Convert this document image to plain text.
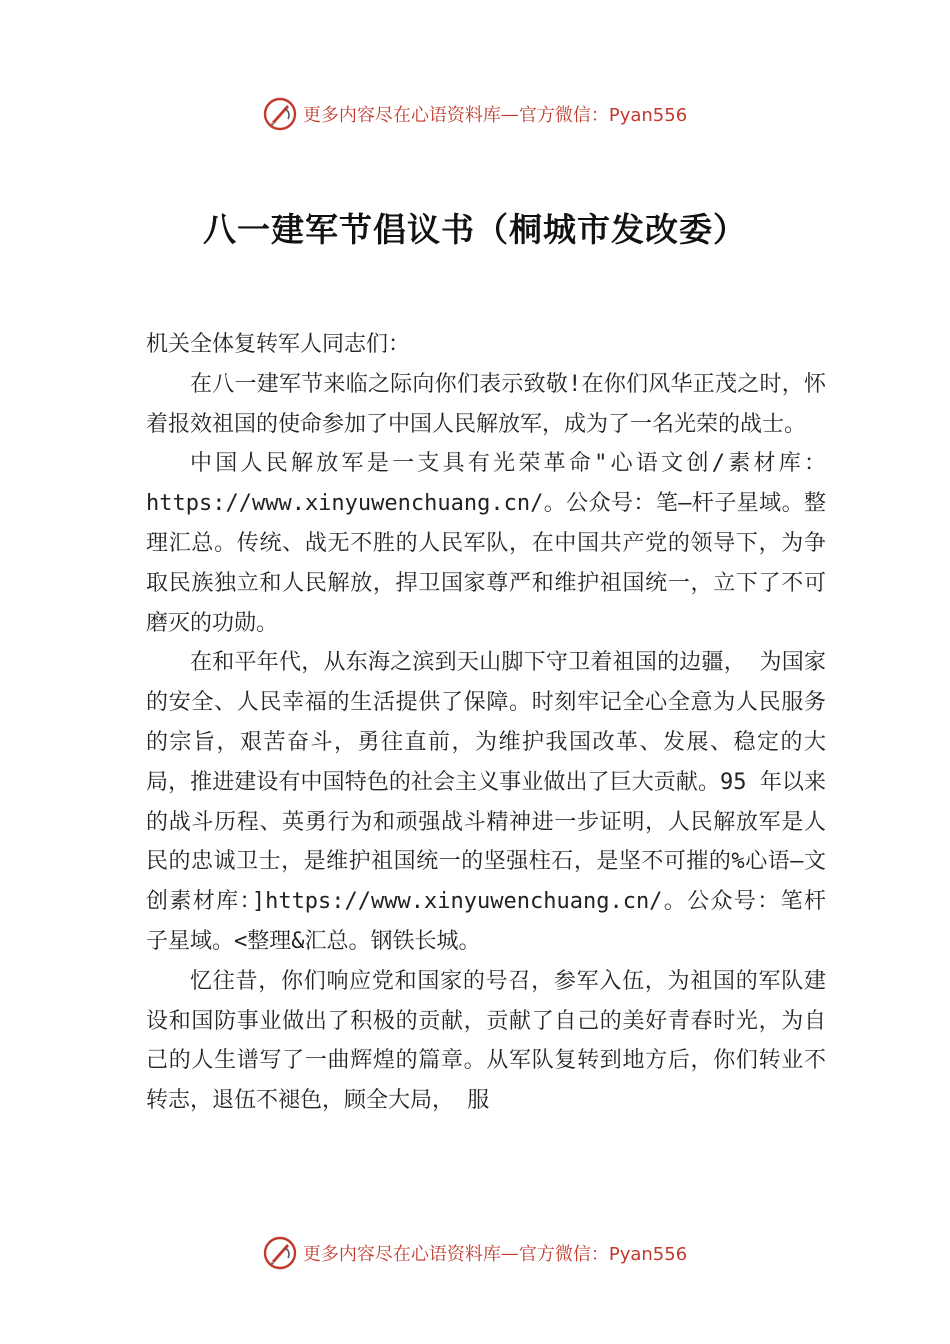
更多内容尽在心语资料库 — 官方微信：Pyan556
八一建军节倡议书（桐城市发改委）

机关全体复转军人同志们：

在八一建军节来临之际向你们表示致敬!在你们风华正茂之时，怀着报效祖国的使命参加了中国人民解放军，成为了一名光荣的战士。

中国人民解放军是一支具有光荣革命"心语文创/素材库：https://www.xinyuwenchuang.cn/。公众号：笔—杆子星域。整理汇总。传统、战无不胜的人民军队，在中国共产党的领导下，为争取民族独立和人民解放，捍卫国家尊严和维护祖国统一，立下了不可磨灭的功勋。

在和平年代，从东海之滨到天山脚下守卫着祖国的边疆， 为国家的安全、人民幸福的生活提供了保障。时刻牢记全心全意为人民服务的宗旨，艰苦奋斗，勇往直前，为维护我国改革、发展、稳定的大局，推进建设有中国特色的社会主义事业做出了巨大贡献。95 年以来的战斗历程、英勇行为和顽强战斗精神进一步证明，人民解放军是人民的忠诚卫士，是维护祖国统一的坚强柱石，是坚不可摧的%心语—文创素材库：]https://www.xinyuwenchuang.cn/。公众号：笔杆子星域。<整理&汇总。钢铁长城。

忆往昔，你们响应党和国家的号召，参军入伍，为祖国的军队建设和国防事业做出了积极的贡献，贡献了自己的美好青春时光，为自己的人生谱写了一曲辉煌的篇章。从军队复转到地方后，你们转业不转志，退伍不褪色，顾全大局， 服

更多内容尽在心语资料库 — 官方微信：Pyan556
